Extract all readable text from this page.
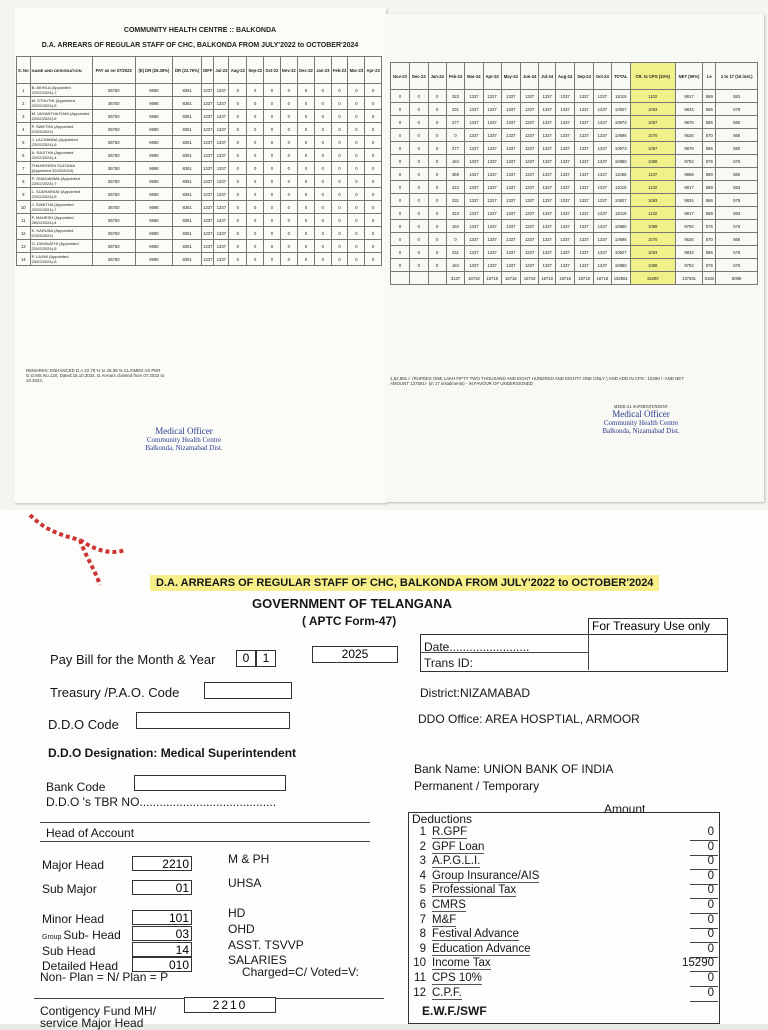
COMMUNITY HEALTH CENTRE :: BALKONDA
D.A. ARREARS OF REGULAR STAFF OF CHC, BALKONDA FROM JULY'2022 to OCTOBER'2024
S. No	NAME AND DESIGNATION	PAY as on 07/2022	(E) DR (26.39%)	DR (22.75%)	DIFF	Jul-22	Aug-22	Sep-22	Oct-22	Nov-22	Dec-22	Jan-23	Feb-23	Mar-23	Apr-23
1	B. AKHILA (Appointed 22/02/2024)-7	36750	9698	8361	1337	1337	0	0	0	0	0	0	0	0	0
2	M. STHUTHI (Appointed 22/02/2024)-5	36750	9698	8361	1337	1337	0	0	0	0	0	0	0	0	0
3	M. VASANTHA RANI (Appointed 22/02/2024)-6	36750	9698	8361	1337	1337	0	0	0	0	0	0	0	0	0
4	P. SWETHA (Appointed 01/03/2024)	36750	9698	8361	1337	1337	0	0	0	0	0	0	0	0	0
5	J. LACHANNA (Appointed 22/02/2024)-6	36750	9698	8361	1337	1337	0	0	0	0	0	0	0	0	0
6	A. RAJITHA (Appointed 22/02/2024)-4	36750	9698	8361	1337	1337	0	0	0	0	0	0	0	0	0
7	THAHESEEN SULTANA (Appointed 22/02/2024)	36750	9698	8361	1337	1337	0	0	0	0	0	0	0	0	0
8	P. GNAGAMMA (Appointed 22/02/2024)-7	36750	9698	8361	1337	1337	0	0	0	0	0	0	0	0	0
9	L. SUDHARANI (Appointed 22/02/2024)-5	36750	9698	8361	1337	1337	0	0	0	0	0	0	0	0	0
10	J. SUNITHA (Appointed 22/02/2024)-7	36750	9698	8361	1337	1337	0	0	0	0	0	0	0	0	0
11	P. MAHESH (Appointed 26/02/2024)-4	36750	9698	8361	1337	1337	0	0	0	0	0	0	0	0	0
12	K. KARUNA (Appointed 01/03/2024)	36750	9698	8361	1337	1337	0	0	0	0	0	0	0	0	0
13	G. DAYAVATHI (Appointed 22/02/2024)-5	36750	9698	8361	1337	1337	0	0	0	0	0	0	0	0	0
14	P. LAXMI (Appointed 23/02/2024)-6	36750	9698	8361	1337	1337	0	0	0	0	0	0	0	0	0
REMARKS: ENHANCED D.A 22.75 % to 26.39 % CLAIMED AS PER G.O.MS.No.120, Dated:16.10.2024. D.Arrears claimed from 07.2022 to 10.2024.
Medical Officer
Community Health Centre
Balkonda, Nizamabad Dist.
Nov-23	Dec-23	Jan-24	Feb-24	Mar-24	Apr-24	May-24	Jun-24	Jul-24	Aug-24	Sep-24	Oct-24	TOTAL	CR. to CPS (10%)	NET (90%)	Le	2 to 17 (16 inst.)
0	0	0	323	1337	1337	1337	1337	1337	1337	1337	1337	11019	1102	9917	589	583
0	0	0	231	1337	1337	1337	1337	1337	1337	1337	1337	10927	1093	9834	586	578
0	0	0	277	1337	1337	1337	1337	1337	1337	1337	1337	10973	1097	9876	586	580
0	0	0	0	1337	1337	1337	1337	1337	1337	1337	1337	10696	1070	9626	570	566
0	0	0	277	1337	1337	1337	1337	1337	1337	1337	1337	10973	1097	9876	586	580
0	0	0	184	1337	1337	1337	1337	1337	1337	1337	1337	10880	1088	9792	576	576
0	0	0	369	1337	1337	1337	1337	1337	1337	1337	1337	11065	1107	9958	590	585
0	0	0	323	1337	1337	1337	1337	1337	1337	1337	1337	11019	1102	9917	589	583
0	0	0	231	1337	1337	1337	1337	1337	1337	1337	1337	10927	1093	9834	586	578
0	0	0	323	1337	1337	1337	1337	1337	1337	1337	1337	11019	1102	9917	589	583
0	0	0	184	1337	1337	1337	1337	1337	1337	1337	1337	10880	1088	9792	576	576
0	0	0	0	1337	1337	1337	1337	1337	1337	1337	1337	10696	1070	9626	570	566
0	0	0	231	1337	1337	1337	1337	1337	1337	1337	1337	10927	1093	9834	586	578
0	0	0	184	1337	1337	1337	1337	1337	1337	1337	1337	10880	1088	9792	576	576
			3137	18718	18718	18718	18718	18718	18718	18718	18718	152881	15290	137591	8183	8088
1,52,881 /- (RUPEES ONE LAKH FIFTY TWO THOUSAND AND EIGHT HUNDRED AND EIGHTY ONE ONLY ) AND ADD IN CPS : 15290 /- AND NET AMOUNT 137591/- (in 17 instalments) - IN FAVOUR OF UNDERSIGNED
MEDICAL SUPERINTENDENT
Medical Officer
Community Health Centre
Balkonda, Nizamabad Dist.
D.A. ARREARS OF REGULAR STAFF OF CHC, BALKONDA FROM JULY'2022 to OCTOBER'2024
GOVERNMENT OF TELANGANA
( APTC Form-47)	For Treasury Use only
Date........................
Trans ID:
Pay Bill for the Month & Year	0	1	2025
Treasury /P.A.O. Code	District:NIZAMABAD
D.D.O Code	DDO Office: AREA HOSPTIAL, ARMOOR
D.D.O Designation: Medical Superintendent
Bank Code
Bank Name: UNION BANK OF INDIA
Permanent / Temporary
D.D.O 's TBR NO.........................................
Head of Account
Major Head	2210	M & PH
Sub Major	01	UHSA
Minor Head	101	HD
Group Sub- Head	03	OHD
Sub Head	14	ASST. TSVVP
Detailed Head	010	SALARIES
Non- Plan = N/ Plan = P	Charged=C/ Voted=V:
Contigency Fund MH/
service Major Head
2210
Deductions
Amount
1 R.GPF	0
2 GPF Loan	0
3 A.P.G.L.I.	0
4 Group Insurance/AIS	0
5 Professional Tax	0
6 CMRS	0
7 M&F	0
8 Festival Advance	0
9 Education Advance	0
10 Income Tax	15290
11 CPS 10%	0
12 C.P.F.	0
E.W.F./SWF
